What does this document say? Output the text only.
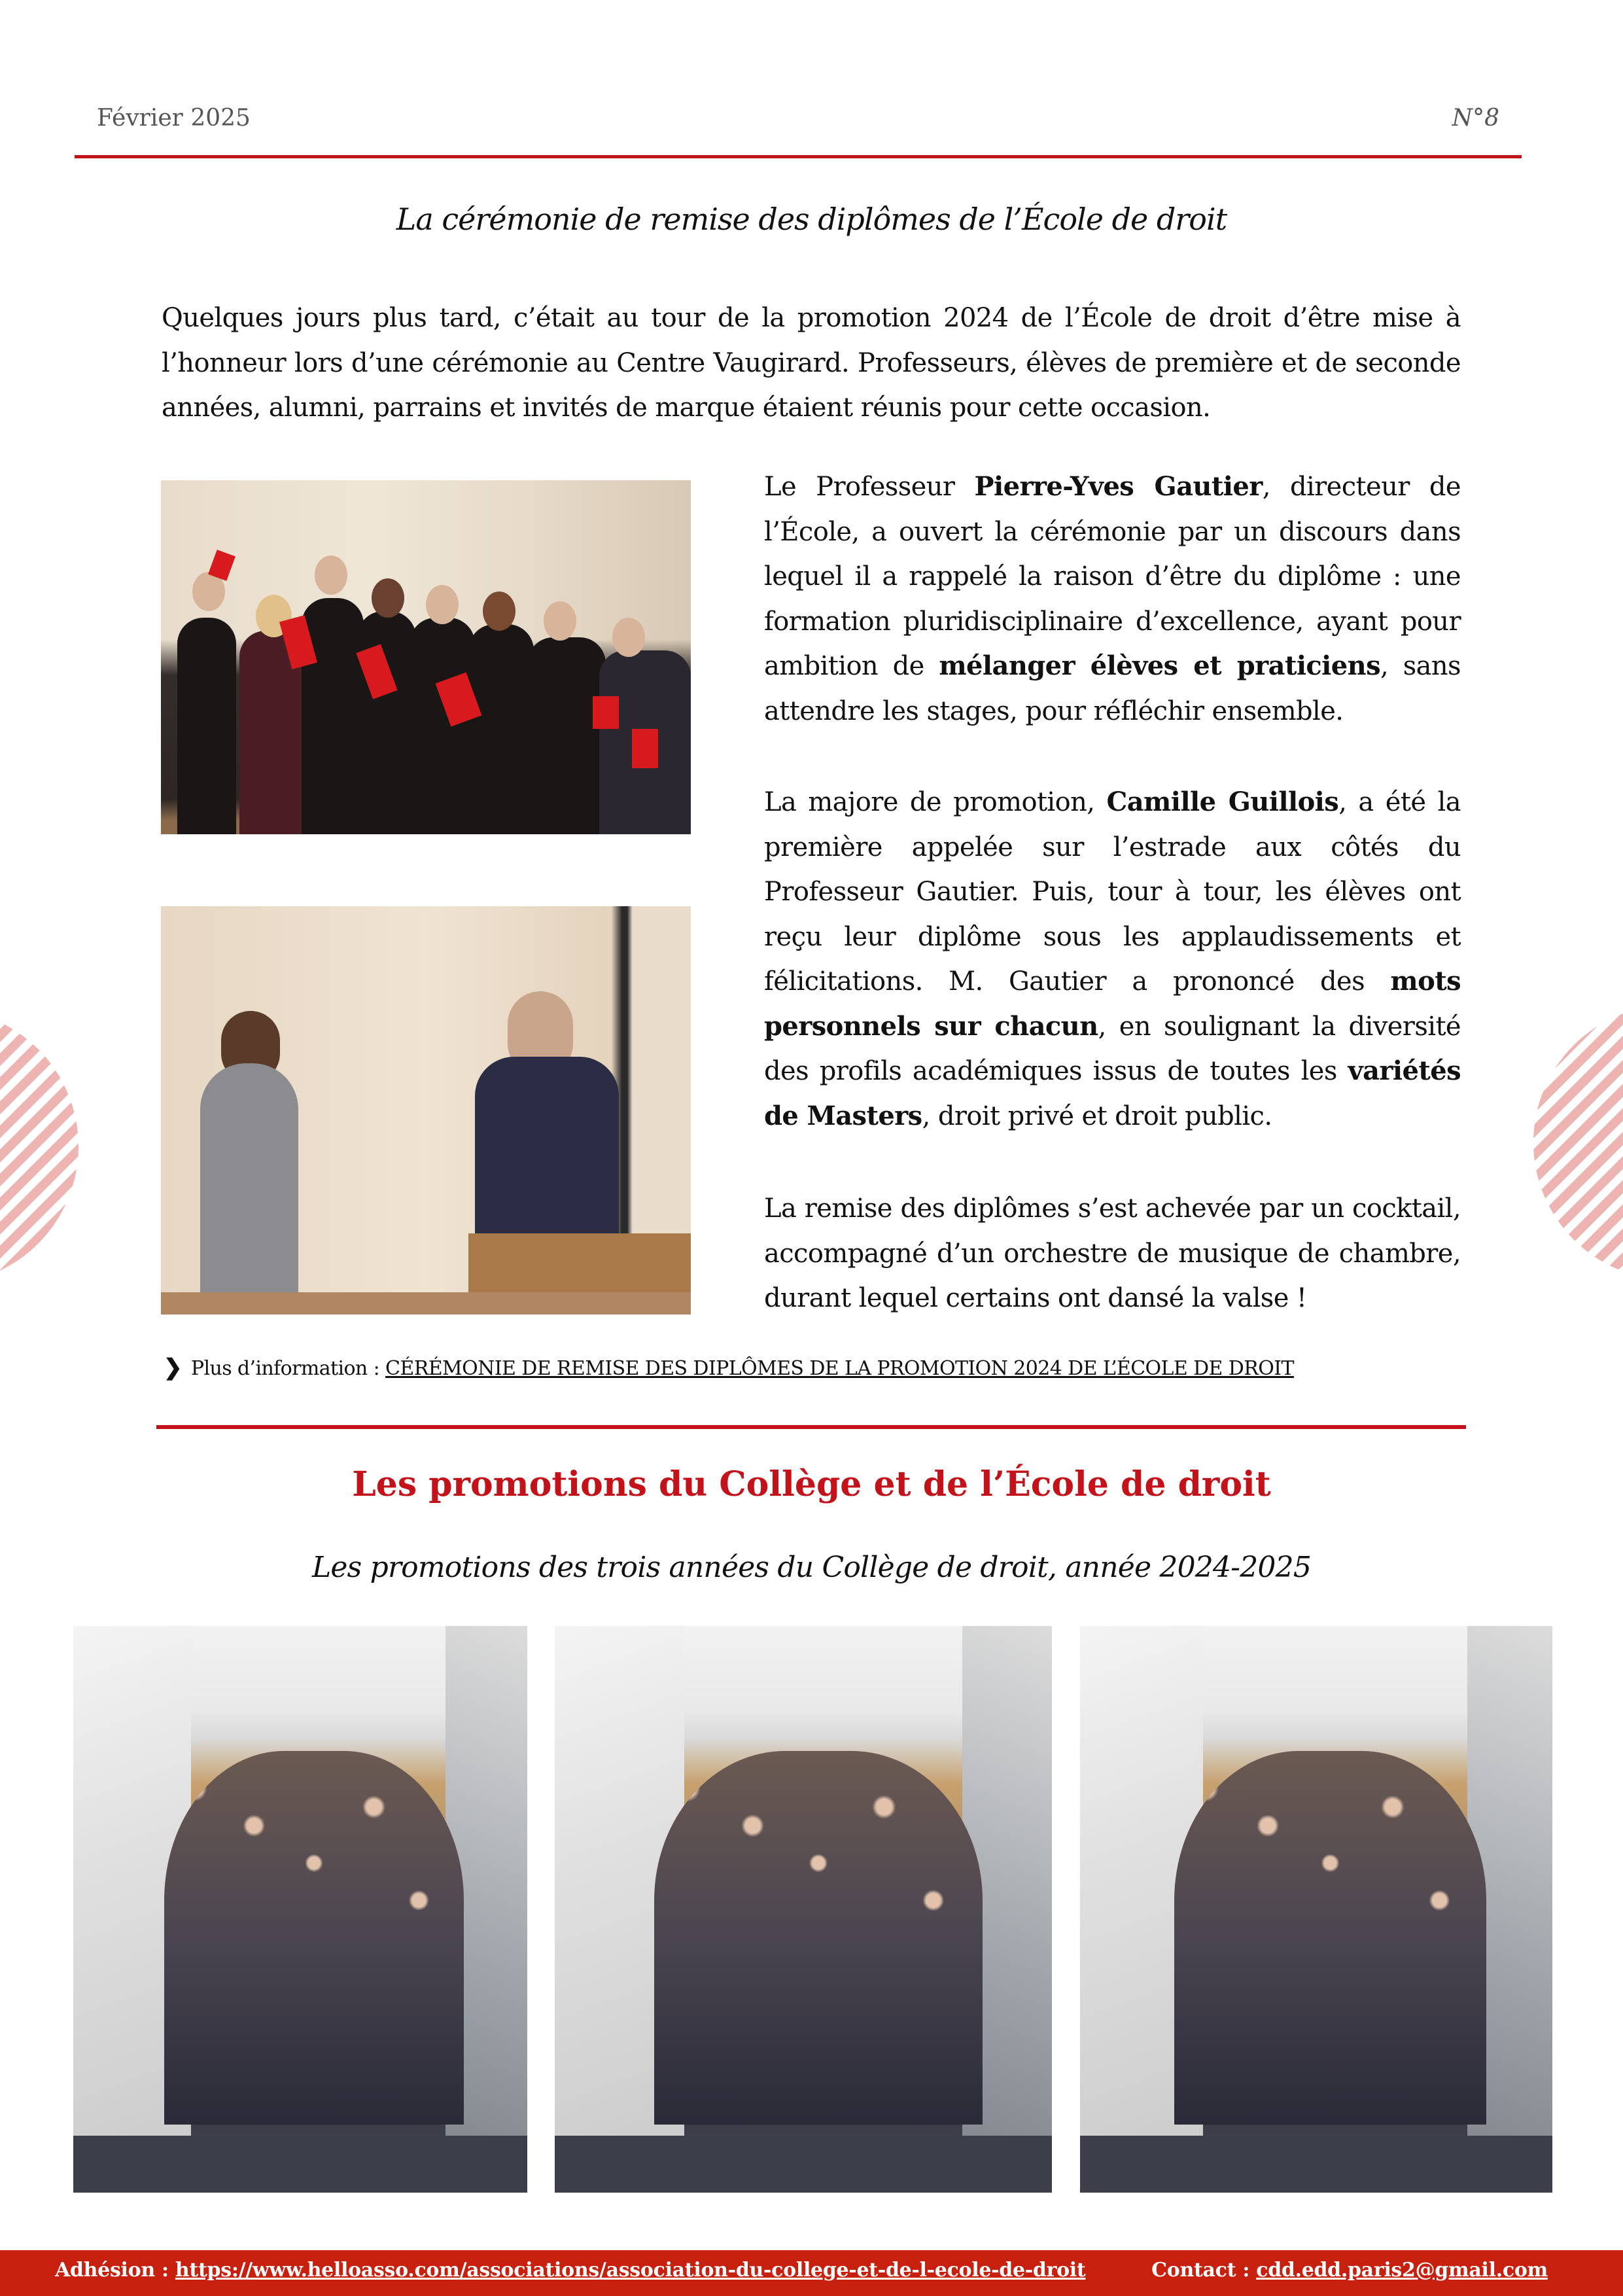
Février 2025	N°8
La cérémonie de remise des diplômes de l’École de droit

Quelques jours plus tard, c’était au tour de la promotion 2024 de l’École de droit d’être mise à l’honneur lors d’une cérémonie au Centre Vaugirard. Professeurs, élèves de première et de seconde années, alumni, parrains et invités de marque étaient réunis pour cette occasion.

Le Professeur Pierre-Yves Gautier, directeur de l’École, a ouvert la cérémonie par un discours dans lequel il a rappelé la raison d’être du diplôme : une formation pluridisciplinaire d’excellence, ayant pour ambition de mélanger élèves et praticiens, sans attendre les stages, pour réfléchir ensemble.

La majore de promotion, Camille Guillois, a été la première appelée sur l’estrade aux côtés du Professeur Gautier. Puis, tour à tour, les élèves ont reçu leur diplôme sous les applaudissements et félicitations. M. Gautier a prononcé des mots personnels sur chacun, en soulignant la diversité des profils académiques issus de toutes les variétés de Masters, droit privé et droit public.

La remise des diplômes s’est achevée par un cocktail, accompagné d’un orchestre de musique de chambre, durant lequel certains ont dansé la valse !

❯ Plus d’information : CÉRÉMONIE DE REMISE DES DIPLÔMES DE LA PROMOTION 2024 DE L’ÉCOLE DE DROIT
Les promotions du Collège et de l’École de droit
Les promotions des trois années du Collège de droit, année 2024-2025
Adhésion : https://www.helloasso.com/associations/association-du-college-et-de-l-ecole-de-droit	Contact : cdd.edd.paris2@gmail.com
